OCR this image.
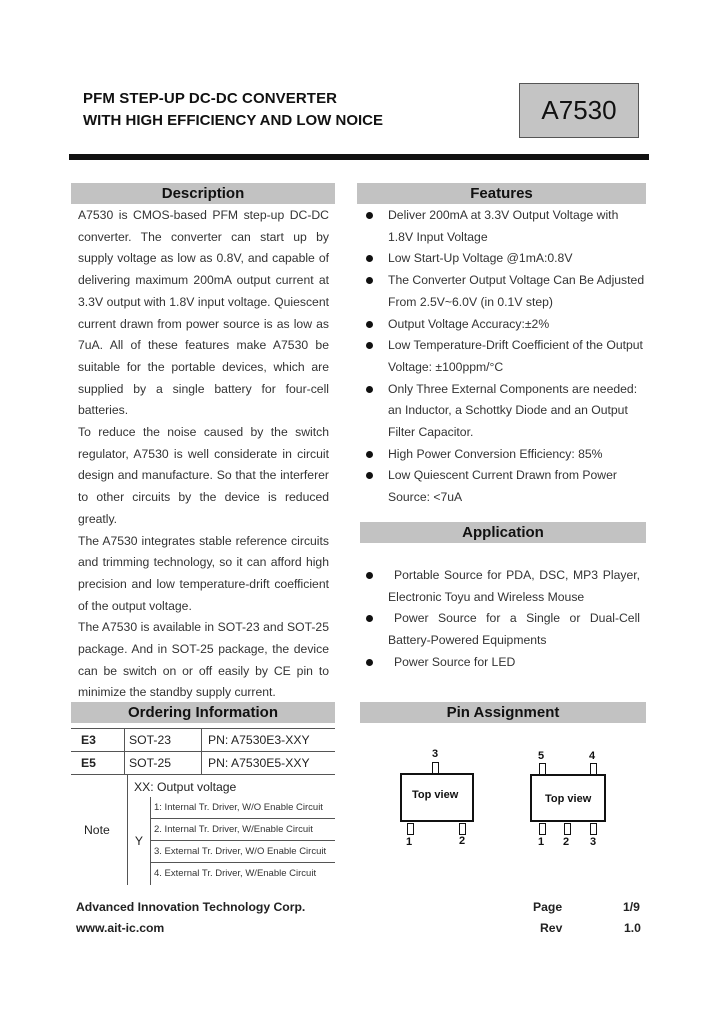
PFM STEP-UP DC-DC CONVERTER
WITH HIGH EFFICIENCY AND LOW NOICE	A7530
Description

A7530 is CMOS-based PFM step-up DC-DC converter. The converter can start up by supply voltage as low as 0.8V, and capable of delivering maximum 200mA output current at 3.3V output with 1.8V input voltage. Quiescent current drawn from power source is as low as 7uA. All of these features make A7530 be suitable for the portable devices, which are supplied by a single battery for four-cell batteries.

To reduce the noise caused by the switch regulator, A7530 is well considerate in circuit design and manufacture. So that the interferer to other circuits by the device is reduced greatly.

The A7530 integrates stable reference circuits and trimming technology, so it can afford high precision and low temperature-drift coefficient of the output voltage.

The A7530 is available in SOT-23 and SOT-25 package. And in SOT-25 package, the device can be switch on or off easily by CE pin to minimize the standby supply current.

Features
Deliver 200mA at 3.3V Output Voltage with 1.8V Input Voltage
Low Start-Up Voltage @1mA:0.8V
The Converter Output Voltage Can Be Adjusted From 2.5V~6.0V (in 0.1V step)
Output Voltage Accuracy:±2%
Low Temperature-Drift Coefficient of the Output Voltage: ±100ppm/°C
Only Three External Components are needed: an Inductor, a Schottky Diode and an Output Filter Capacitor.
High Power Conversion Efficiency: 85%
Low Quiescent Current Drawn from Power Source: <7uA
Application
Portable Source for PDA, DSC, MP3 Player, Electronic Toyu and Wireless Mouse
Power Source for a Single or Dual-Cell Battery-Powered Equipments
Power Source for LED
Ordering Information
E3	SOT-23	PN: A7530E3-XXY
E5	SOT-25	PN: A7530E5-XXY
Note
XX: Output voltage
Y
1: Internal Tr. Driver, W/O Enable Circuit
2. Internal Tr. Driver, W/Enable Circuit
3. External Tr. Driver, W/O Enable Circuit
4. External Tr. Driver, W/Enable Circuit
Pin Assignment
3
Top view
1	2
5	4
Top view
1 2 3
Advanced Innovation Technology Corp.
www.ait-ic.com
Page	1/9
Rev	1.0
